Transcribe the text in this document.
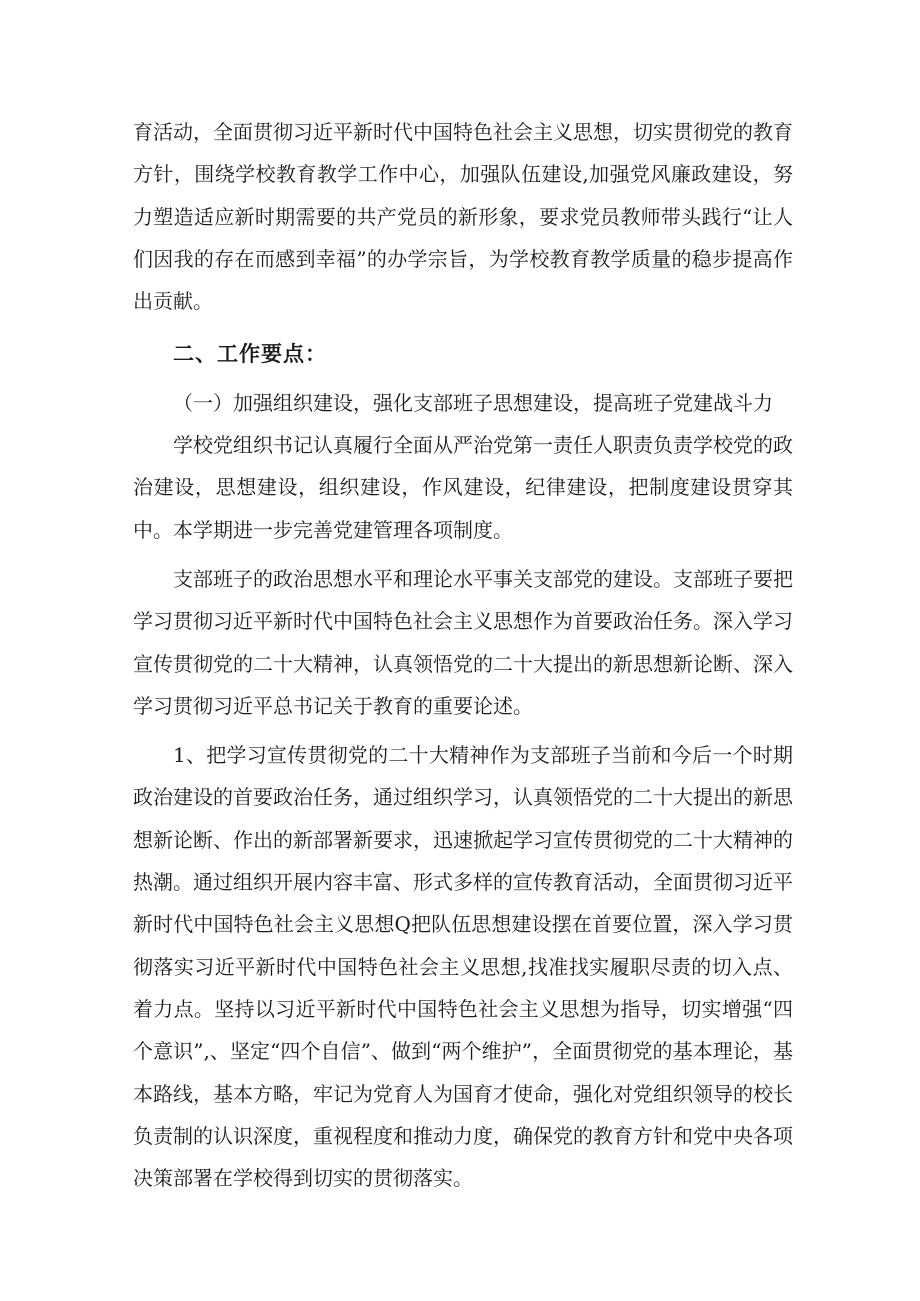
育活动，全面贯彻习近平新时代中国特色社会主义思想，切实贯彻党的教育方针，围绕学校教育教学工作中心，加强队伍建设,加强党风廉政建设，努力塑造适应新时期需要的共产党员的新形象，要求党员教师带头践行“让人们因我的存在而感到幸福”的办学宗旨，为学校教育教学质量的稳步提高作出贡献。

二、工作要点：

（一）加强组织建设，强化支部班子思想建设，提高班子党建战斗力

学校党组织书记认真履行全面从严治党第一责任人职责负责学校党的政治建设，思想建设，组织建设，作风建设，纪律建设，把制度建设贯穿其中。本学期进一步完善党建管理各项制度。

支部班子的政治思想水平和理论水平事关支部党的建设。支部班子要把学习贯彻习近平新时代中国特色社会主义思想作为首要政治任务。深入学习宣传贯彻党的二十大精神，认真领悟党的二十大提出的新思想新论断、深入学习贯彻习近平总书记关于教育的重要论述。

1、把学习宣传贯彻党的二十大精神作为支部班子当前和今后一个时期政治建设的首要政治任务，通过组织学习，认真领悟党的二十大提出的新思想新论断、作出的新部署新要求，迅速掀起学习宣传贯彻党的二十大精神的热潮。通过组织开展内容丰富、形式多样的宣传教育活动，全面贯彻习近平新时代中国特色社会主义思想Q把队伍思想建设摆在首要位置，深入学习贯彻落实习近平新时代中国特色社会主义思想,找准找实履职尽责的切入点、着力点。坚持以习近平新时代中国特色社会主义思想为指导，切实增强“四个意识”,、坚定“四个自信”、做到“两个维护”，全面贯彻党的基本理论，基本路线，基本方略，牢记为党育人为国育才使命，强化对党组织领导的校长负责制的认识深度，重视程度和推动力度，确保党的教育方针和党中央各项决策部署在学校得到切实的贯彻落实。
